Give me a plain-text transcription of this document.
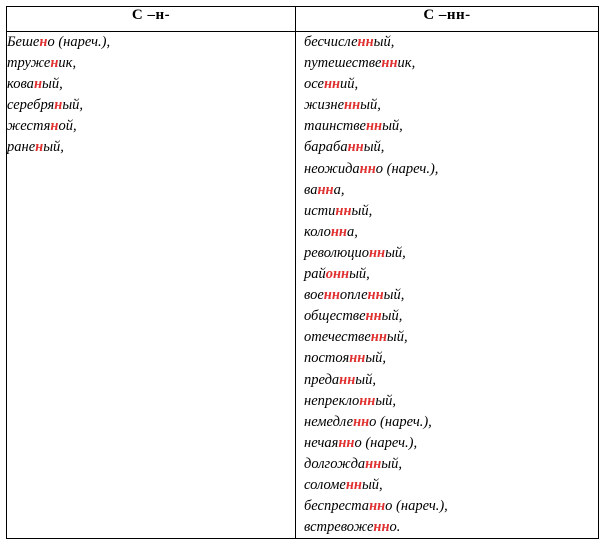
С –н-	С –нн-

Бешено (нареч.),
труженик,
кованый,
серебряный,
жестяной,
раненый,

бесчисленный,
путешественник,
осенний,
жизненный,
таинственный,
барабанный,
неожиданно (нареч.),
ванна,
истинный,
колонна,
революционный,
районный,
военнопленный,
общественный,
отечественный,
постоянный,
преданный,
непреклoнный,
немедленно (нареч.),
нечаянно (нареч.),
долгожданный,
соломенный,
беспрестанно (нареч.),
встревоженно.
